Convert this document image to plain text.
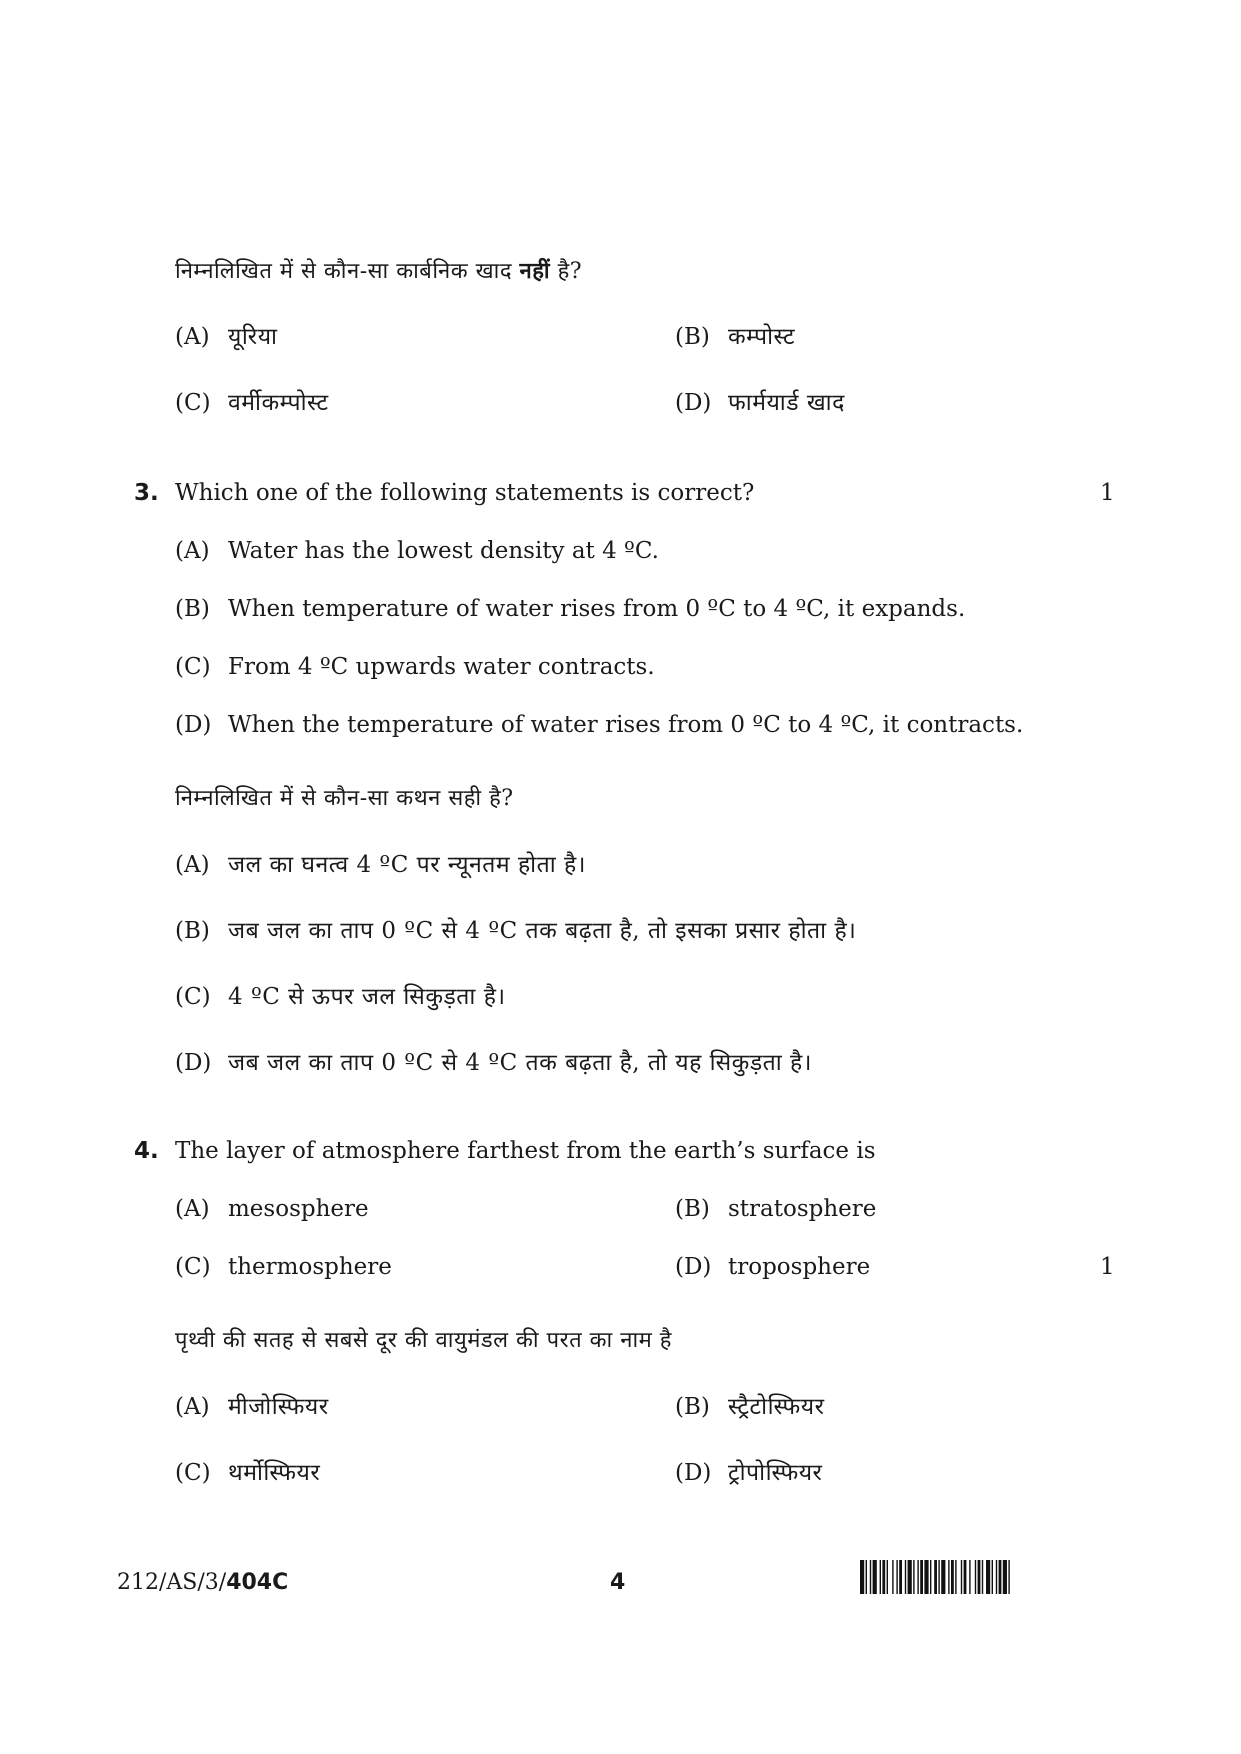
निम्नलिखित में से कौन-सा कार्बनिक खाद नहीं है?
(A) यूरिया	(B) कम्पोस्ट
(C) वर्मीकम्पोस्ट	(D) फार्मयार्ड खाद
3. Which one of the following statements is correct?	1
(A) Water has the lowest density at 4 ºC.
(B) When temperature of water rises from 0 ºC to 4 ºC, it expands.
(C) From 4 ºC upwards water contracts.
(D) When the temperature of water rises from 0 ºC to 4 ºC, it contracts.
निम्नलिखित में से कौन-सा कथन सही है?
(A) जल का घनत्व 4 ºC पर न्यूनतम होता है।
(B) जब जल का ताप 0 ºC से 4 ºC तक बढ़ता है, तो इसका प्रसार होता है।
(C) 4 ºC से ऊपर जल सिकुड़ता है।
(D) जब जल का ताप 0 ºC से 4 ºC तक बढ़ता है, तो यह सिकुड़ता है।
4. The layer of atmosphere farthest from the earth’s surface is
(A) mesosphere	(B) stratosphere
(C) thermosphere	(D) troposphere	1
पृथ्वी की सतह से सबसे दूर की वायुमंडल की परत का नाम है
(A) मीजोस्फियर	(B) स्ट्रैटोस्फियर
(C) थर्मोस्फियर	(D) ट्रोपोस्फियर
212/AS/3/404C	4
